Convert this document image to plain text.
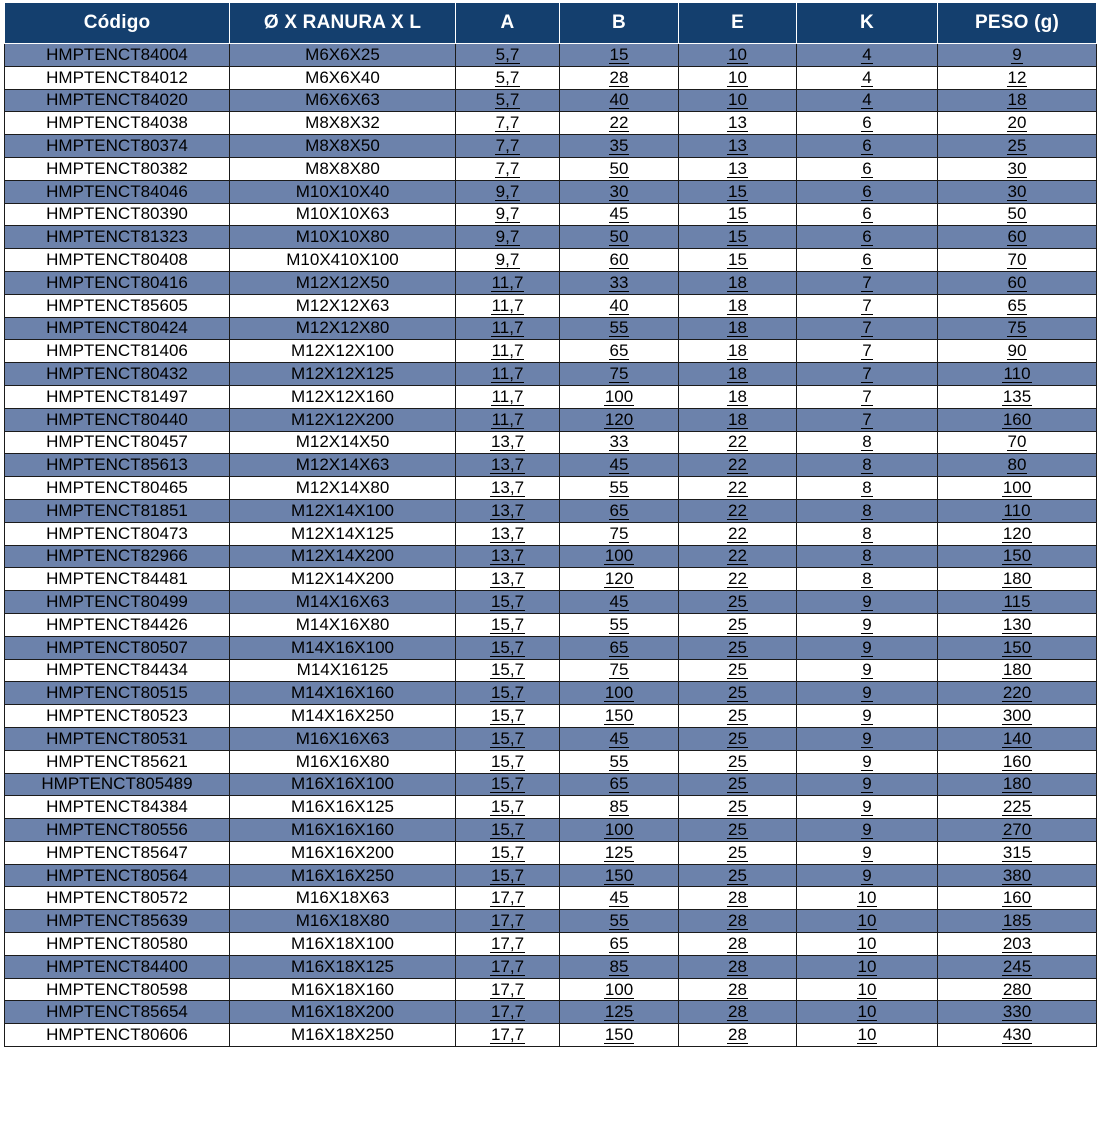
Código	Ø X RANURA X L	A	B	E	K	PESO (g)
HMPTENCT84004	M6X6X25	5,7	15	10	4	9
HMPTENCT84012	M6X6X40	5,7	28	10	4	12
HMPTENCT84020	M6X6X63	5,7	40	10	4	18
HMPTENCT84038	M8X8X32	7,7	22	13	6	20
HMPTENCT80374	M8X8X50	7,7	35	13	6	25
HMPTENCT80382	M8X8X80	7,7	50	13	6	30
HMPTENCT84046	M10X10X40	9,7	30	15	6	30
HMPTENCT80390	M10X10X63	9,7	45	15	6	50
HMPTENCT81323	M10X10X80	9,7	50	15	6	60
HMPTENCT80408	M10X410X100	9,7	60	15	6	70
HMPTENCT80416	M12X12X50	11,7	33	18	7	60
HMPTENCT85605	M12X12X63	11,7	40	18	7	65
HMPTENCT80424	M12X12X80	11,7	55	18	7	75
HMPTENCT81406	M12X12X100	11,7	65	18	7	90
HMPTENCT80432	M12X12X125	11,7	75	18	7	110
HMPTENCT81497	M12X12X160	11,7	100	18	7	135
HMPTENCT80440	M12X12X200	11,7	120	18	7	160
HMPTENCT80457	M12X14X50	13,7	33	22	8	70
HMPTENCT85613	M12X14X63	13,7	45	22	8	80
HMPTENCT80465	M12X14X80	13,7	55	22	8	100
HMPTENCT81851	M12X14X100	13,7	65	22	8	110
HMPTENCT80473	M12X14X125	13,7	75	22	8	120
HMPTENCT82966	M12X14X200	13,7	100	22	8	150
HMPTENCT84481	M12X14X200	13,7	120	22	8	180
HMPTENCT80499	M14X16X63	15,7	45	25	9	115
HMPTENCT84426	M14X16X80	15,7	55	25	9	130
HMPTENCT80507	M14X16X100	15,7	65	25	9	150
HMPTENCT84434	M14X16125	15,7	75	25	9	180
HMPTENCT80515	M14X16X160	15,7	100	25	9	220
HMPTENCT80523	M14X16X250	15,7	150	25	9	300
HMPTENCT80531	M16X16X63	15,7	45	25	9	140
HMPTENCT85621	M16X16X80	15,7	55	25	9	160
HMPTENCT805489	M16X16X100	15,7	65	25	9	180
HMPTENCT84384	M16X16X125	15,7	85	25	9	225
HMPTENCT80556	M16X16X160	15,7	100	25	9	270
HMPTENCT85647	M16X16X200	15,7	125	25	9	315
HMPTENCT80564	M16X16X250	15,7	150	25	9	380
HMPTENCT80572	M16X18X63	17,7	45	28	10	160
HMPTENCT85639	M16X18X80	17,7	55	28	10	185
HMPTENCT80580	M16X18X100	17,7	65	28	10	203
HMPTENCT84400	M16X18X125	17,7	85	28	10	245
HMPTENCT80598	M16X18X160	17,7	100	28	10	280
HMPTENCT85654	M16X18X200	17,7	125	28	10	330
HMPTENCT80606	M16X18X250	17,7	150	28	10	430
